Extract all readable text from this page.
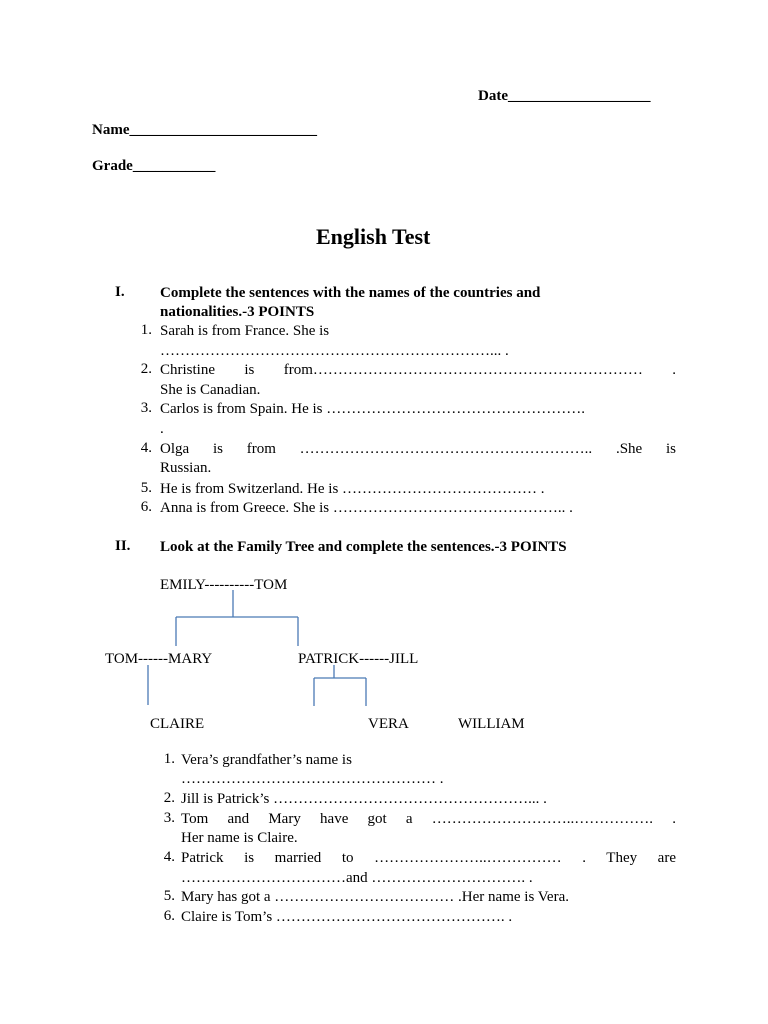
Date___________________
Name_________________________
Grade___________
English Test
I. Complete the sentences with the names of the countries and
nationalities.-3 POINTS
1. Sarah is from France. She is
…………………………………………………………... .
2. Christine is from………………………………………………………… .
She is Canadian.
3. Carlos is from Spain. He is …………………………………………….
.
4. Olga is from ………………………………………………….. .She is
Russian.
5. He is from Switzerland. He is ………………………………… .
6. Anna is from Greece. She is ……………………………………….. .
II. Look at the Family Tree and complete the sentences.-3 POINTS
EMILY----------TOM
TOM------MARY	PATRICK------JILL
CLAIRE	VERA	WILLIAM
1. Vera’s grandfather’s name is
…………………………………………… .
2. Jill is Patrick’s ……………………………………………... .
3. Tom and Mary have got a ………………………..……………. .
Her name is Claire.
4. Patrick is married to …………………..…………… . They are
……………………………and …………………………. .
5. Mary has got a ……………………………… .Her name is Vera.
6. Claire is Tom’s ………………………………………. .
